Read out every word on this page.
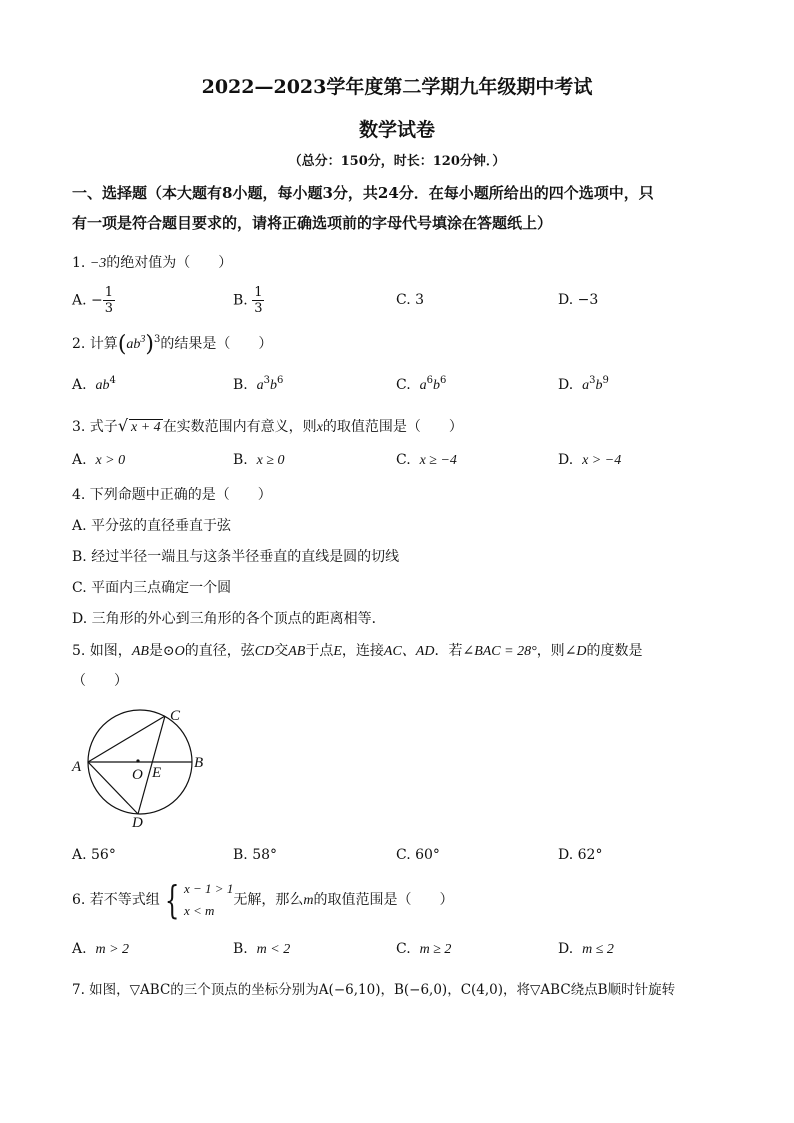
2022—2023学年度第二学期九年级期中考试
数学试卷
（总分：150分，时长：120分钟．）
一、选择题（本大题有8小题，每小题3分，共24分．在每小题所给出的四个选项中，只
有一项是符合题目要求的，请将正确选项前的字母代号填涂在答题纸上）
1. −3的绝对值为（　　）
A. − $\frac{1}{3}$	B. $\frac{1}{3}$	C. 3	D. −3
2. 计算$(ab^3)^3$的结果是（　　）
A. $ab^4$	B. $a^3b^6$	C. $a^6b^6$	D. $a^3b^9$
3. 式子√ x + 4 在实数范围内有意义，则x的取值范围是（　　）
A. x > 0	B. x ≥ 0	C. x ≥ −4	D. x > −4
4. 下列命题中正确的是（　　）
A. 平分弦的直径垂直于弦
B. 经过半径一端且与这条半径垂直的直线是圆的切线
C. 平面内三点确定一个圆
D. 三角形的外心到三角形的各个顶点的距离相等．
5. 如图，AB是⊙O的直径，弦CD交AB于点E，连接AC、AD．若∠BAC = 28°，则∠D的度数是
（　　）
C
A	B
D
O E
A. 56°	B. 58°	C. 60°	D. 62°
6. 若不等式组 { x − 1 > 1
x < m
无解，那么m的取值范围是（　　）
A. m > 2	B. m < 2	C. m ≥ 2	D. m ≤ 2
7. 如图，▽ABC的三个顶点的坐标分别为A(−6,10)，B(−6,0)，C(4,0)，将▽ABC绕点B顺时针旋转
